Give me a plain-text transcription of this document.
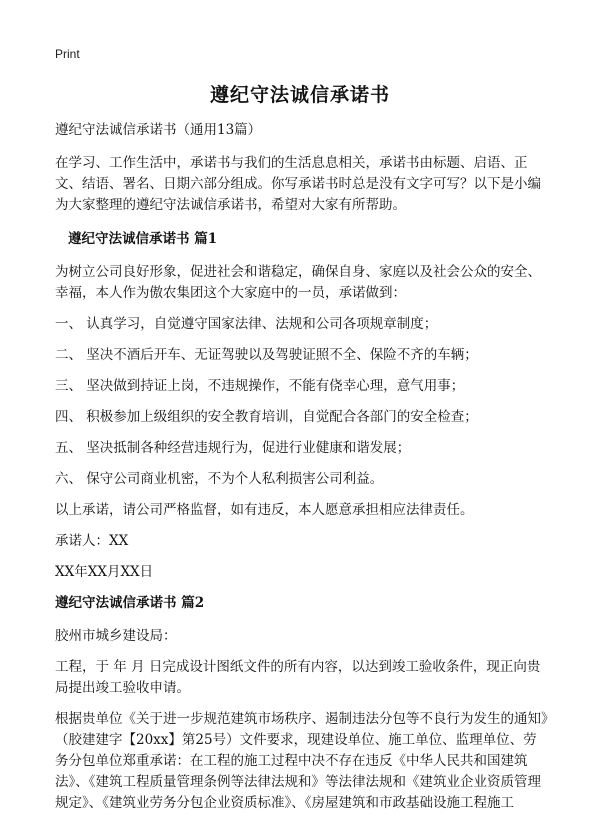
Print
遵纪守法诚信承诺书

遵纪守法诚信承诺书（通用13篇）

在学习、工作生活中，承诺书与我们的生活息息相关，承诺书由标题、启语、正文、结语、署名、日期六部分组成。你写承诺书时总是没有文字可写？以下是小编为大家整理的遵纪守法诚信承诺书，希望对大家有所帮助。

遵纪守法诚信承诺书 篇1

为树立公司良好形象，促进社会和谐稳定，确保自身、家庭以及社会公众的安全、幸福，本人作为傲农集团这个大家庭中的一员，承诺做到：

一、 认真学习，自觉遵守国家法律、法规和公司各项规章制度；

二、 坚决不酒后开车、无证驾驶以及驾驶证照不全、保险不齐的车辆；

三、 坚决做到持证上岗，不违规操作，不能有侥幸心理，意气用事；

四、 积极参加上级组织的安全教育培训，自觉配合各部门的安全检查；

五、 坚决抵制各种经营违规行为，促进行业健康和谐发展；

六、 保守公司商业机密，不为个人私利损害公司利益。

以上承诺，请公司严格监督，如有违反，本人愿意承担相应法律责任。

承诺人：XX

XX年XX月XX日

遵纪守法诚信承诺书 篇2

胶州市城乡建设局：

工程，于 年 月 日完成设计图纸文件的所有内容，以达到竣工验收条件，现正向贵局提出竣工验收申请。

根据贵单位《关于进一步规范建筑市场秩序、遏制违法分包等不良行为发生的通知》（胶建建字【20xx】第25号）文件要求，现建设单位、施工单位、监理单位、劳务分包单位郑重承诺：在工程的施工过程中决不存在违反《中华人民共和国建筑法》、《建筑工程质量管理条例等法律法规和》等法律法规和《建筑业企业资质管理规定》、《建筑业劳务分包企业资质标准》、《房屋建筑和市政基础设施工程施工
